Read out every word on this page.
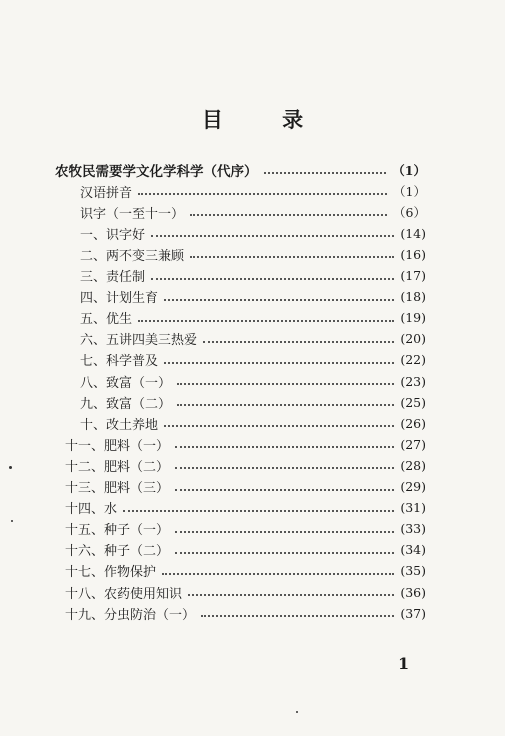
目 录
农牧民需要学文化学科学（代序）	（1）
汉语拼音	（1）
识字（一至十一）	（6）
一、识字好	(14)
二、两不变三兼顾	(16)
三、责任制	(17)
四、计划生育	(18)
五、优生	(19)
六、五讲四美三热爱	(20)
七、科学普及	(22)
八、致富（一）	(23)
九、致富（二）	(25)
十、改土养地	(26)
十一、肥料（一）	(27)
十二、肥料（二）	(28)
十三、肥料（三）	(29)
十四、水	(31)
十五、种子（一）	(33)
十六、种子（二）	(34)
十七、作物保护	(35)
十八、农药使用知识	(36)
十九、分虫防治（一）	(37)
1
